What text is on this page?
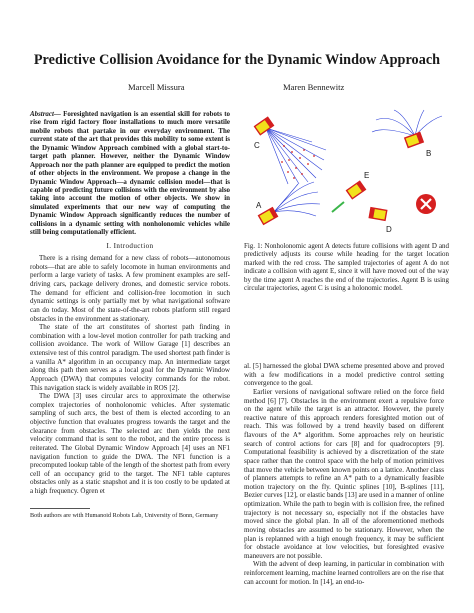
Predictive Collision Avoidance for the Dynamic Window Approach
Marcell Missura	Maren Bennewitz

Abstract— Foresighted navigation is an essential skill for robots to rise from rigid factory floor installations to much more versatile mobile robots that partake in our everyday environment. The current state of the art that provides this mobility to some extent is the Dynamic Window Approach combined with a global start-to-target path planner. However, neither the Dynamic Window Approach nor the path planner are equipped to predict the motion of other objects in the environment. We propose a change in the Dynamic Window Approach—a dynamic collision model—that is capable of predicting future collisions with the environment by also taking into account the motion of other objects. We show in simulated experiments that our new way of computing the Dynamic Window Approach significantly reduces the number of collisions in a dynamic setting with nonholonomic vehicles while still being computationally efficient.

I. Introduction

There is a rising demand for a new class of robots—autonomous robots—that are able to safely locomote in human environments and perform a large variety of tasks. A few prominent examples are self-driving cars, package delivery drones, and domestic service robots. The demand for efficient and collision-free locomotion in such dynamic settings is only partially met by what navigational software can do today. Most of the state-of-the-art robots platform still regard obstacles in the environment as stationary.

The state of the art constitutes of shortest path finding in combination with a low-level motion controller for path tracking and collision avoidance. The work of Willow Garage [1] describes an extensive test of this control paradigm. The used shortest path finder is a vanilla A* algorithm in an occupancy map. An intermediate target along this path then serves as a local goal for the Dynamic Window Approach (DWA) that computes velocity commands for the robot. This navigation stack is widely available in ROS [2].

The DWA [3] uses circular arcs to approximate the otherwise complex trajectories of nonholonomic vehicles. After systematic sampling of such arcs, the best of them is elected according to an objective function that evaluates progress towards the target and the clearance from obstacles. The selected arc then yields the next velocity command that is sent to the robot, and the entire process is reiterated. The Global Dynamic Window Approach [4] uses an NF1 navigation function to guide the DWA. The NF1 function is a precomputed lookup table of the length of the shortest path from every cell of an occupancy grid to the target. The NF1 table captures obstacles only as a static snapshot and it is too costly to be updated at a high frequency. Ögren et

Both authors are with Humanoid Robots Lab, University of Bonn, Germany

C
B
E
A
D

Fig. 1: Nonholonomic agent A detects future collisions with agent D and predictively adjusts its course while heading for the target location marked with the red cross. The sampled trajectories of agent A do not indicate a collision with agent E, since it will have moved out of the way by the time agent A reaches the end of the trajectories. Agent B is using circular trajectories, agent C is using a holonomic model.

al. [5] harnessed the global DWA scheme presented above and proved with a few modifications in a model predictive control setting convergence to the goal.

Earlier versions of navigational software relied on the force field method [6] [7]. Obstacles in the environment exert a repulsive force on the agent while the target is an attractor. However, the purely reactive nature of this approach renders foresighted motion out of reach. This was followed by a trend heavily based on different flavours of the A* algorithm. Some approaches rely on heuristic search of control actions for cars [8] and for quadrocopters [9]. Computational feasibility is achieved by a discretization of the state space rather than the control space with the help of motion primitives that move the vehicle between known points on a lattice. Another class of planners attempts to refine an A* path to a dynamically feasible motion trajectory on the fly. Quintic splines [10], B-splines [11], Bezier curves [12], or elastic bands [13] are used in a manner of online optimization. While the path to begin with is collision free, the refined trajectory is not necessary so, especially not if the obstacles have moved since the global plan. In all of the aforementioned methods moving obstacles are assumed to be stationary. However, when the plan is replanned with a high enough frequency, it may be sufficient for obstacle avoidance at low velocities, but foresighted evasive maneuvers are not possible.

With the advent of deep learning, in particular in combination with reinforcement learning, machine learned controllers are on the rise that can account for motion. In [14], an end-to-
